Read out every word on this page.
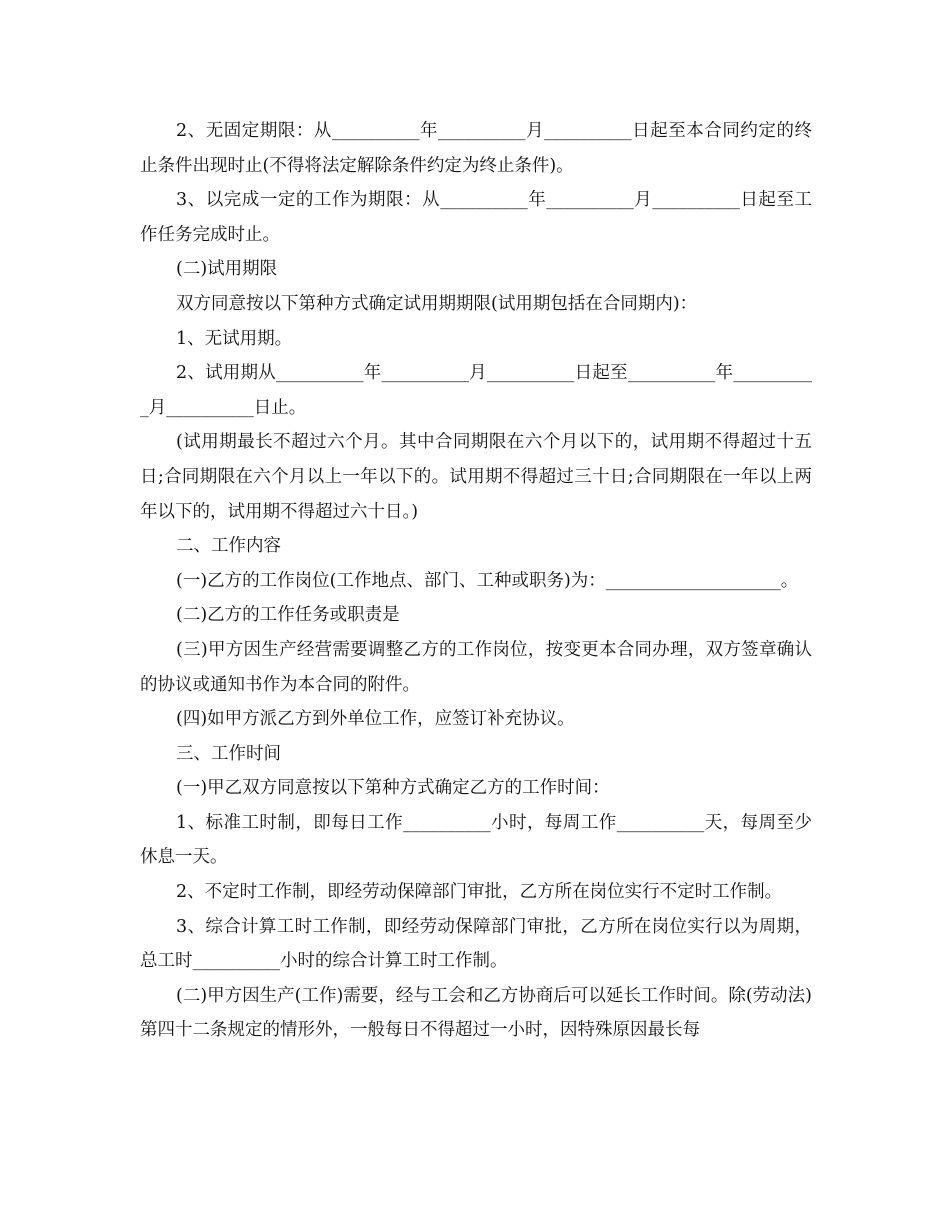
2、无固定期限：从__________年__________月__________日起至本合同约定的终止条件出现时止(不得将法定解除条件约定为终止条件)。

3、以完成一定的工作为期限：从__________年__________月__________日起至工作任务完成时止。

(二)试用期限

双方同意按以下第种方式确定试用期期限(试用期包括在合同期内)：

1、无试用期。

2、试用期从__________年__________月__________日起至__________年__________月__________日止。

(试用期最长不超过六个月。其中合同期限在六个月以下的，试用期不得超过十五日;合同期限在六个月以上一年以下的。试用期不得超过三十日;合同期限在一年以上两年以下的，试用期不得超过六十日。)

二、工作内容

(一)乙方的工作岗位(工作地点、部门、工种或职务)为：____________________。

(二)乙方的工作任务或职责是

(三)甲方因生产经营需要调整乙方的工作岗位，按变更本合同办理，双方签章确认的协议或通知书作为本合同的附件。

(四)如甲方派乙方到外单位工作，应签订补充协议。

三、工作时间

(一)甲乙双方同意按以下第种方式确定乙方的工作时间：

1、标准工时制，即每日工作__________小时，每周工作__________天，每周至少休息一天。

2、不定时工作制，即经劳动保障部门审批，乙方所在岗位实行不定时工作制。

3、综合计算工时工作制，即经劳动保障部门审批，乙方所在岗位实行以为周期，总工时__________小时的综合计算工时工作制。

(二)甲方因生产(工作)需要，经与工会和乙方协商后可以延长工作时间。除(劳动法)第四十二条规定的情形外，一般每日不得超过一小时，因特殊原因最长每
